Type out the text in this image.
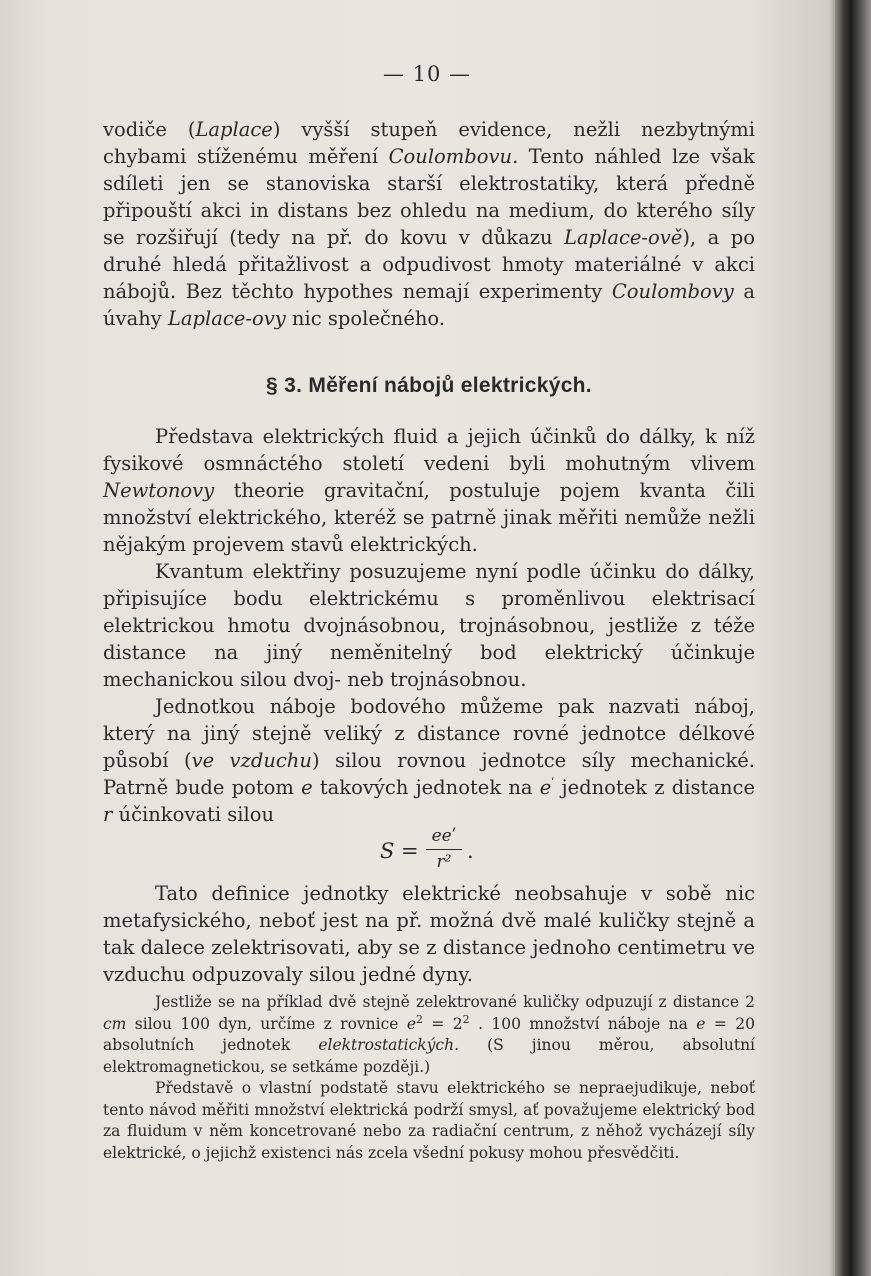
— 10 —

vodiče (Laplace) vyšší stupeň evidence, nežli nezbytnými chybami stíženému měření Coulombovu. Tento náhled lze však sdíleti jen se stanoviska starší elektrostatiky, která předně připouští akci in distans bez ohledu na medium, do kterého síly se rozšiřují (tedy na př. do kovu v důkazu Laplace-ově), a po druhé hledá přitažlivost a odpudivost hmoty materiálné v akci nábojů. Bez těchto hypothes nemají experimenty Coulombovy a úvahy Laplace-ovy nic společného.

§ 3. Měření nábojů elektrických.

Představa elektrických fluid a jejich účinků do dálky, k níž fysikové osmnáctého století vedeni byli mohutným vlivem Newtonovy theorie gravitační, postuluje pojem kvanta čili množství elektrického, kteréž se patrně jinak měřiti nemůže nežli nějakým projevem stavů elektrických.

Kvantum elektřiny posuzujeme nyní podle účinku do dálky, připisujíce bodu elektrickému s proměnlivou elektrisací elektrickou hmotu dvojnásobnou, trojnásobnou, jestliže z téže distance na jiný neměnitelný bod elektrický účinkuje mechanickou silou dvoj- neb trojnásobnou.

Jednotkou náboje bodového můžeme pak nazvati náboj, který na jiný stejně veliký z distance rovné jednotce délkové působí (ve vzduchu) silou rovnou jednotce síly mechanické. Patrně bude potom e takových jednotek na $e^ʹ$ jednotek z distance r účinkovati silou

S =
eeʹ
r² .

Tato definice jednotky elektrické neobsahuje v sobě nic metafysického, neboť jest na př. možná dvě malé kuličky stejně a tak dalece zelektrisovati, aby se z distance jednoho centimetru ve vzduchu odpuzovaly silou jedné dyny.

Jestliže se na příklad dvě stejně zelektrované kuličky odpuzují z distance 2 cm silou 100 dyn, určíme z rovnice $e^2 = 2^2$ . 100 množství náboje na e = 20 absolutních jednotek elektrostatických. (S jinou měrou, absolutní elektromagnetickou, se setkáme později.)

Představě o vlastní podstatě stavu elektrického se nepraejudikuje, neboť tento návod měřiti množství elektrická podrží smysl, ať považujeme elektrický bod za fluidum v něm koncetrované nebo za radiační centrum, z něhož vycházejí síly elektrické, o jejichž existenci nás zcela všední pokusy mohou přesvědčiti.
